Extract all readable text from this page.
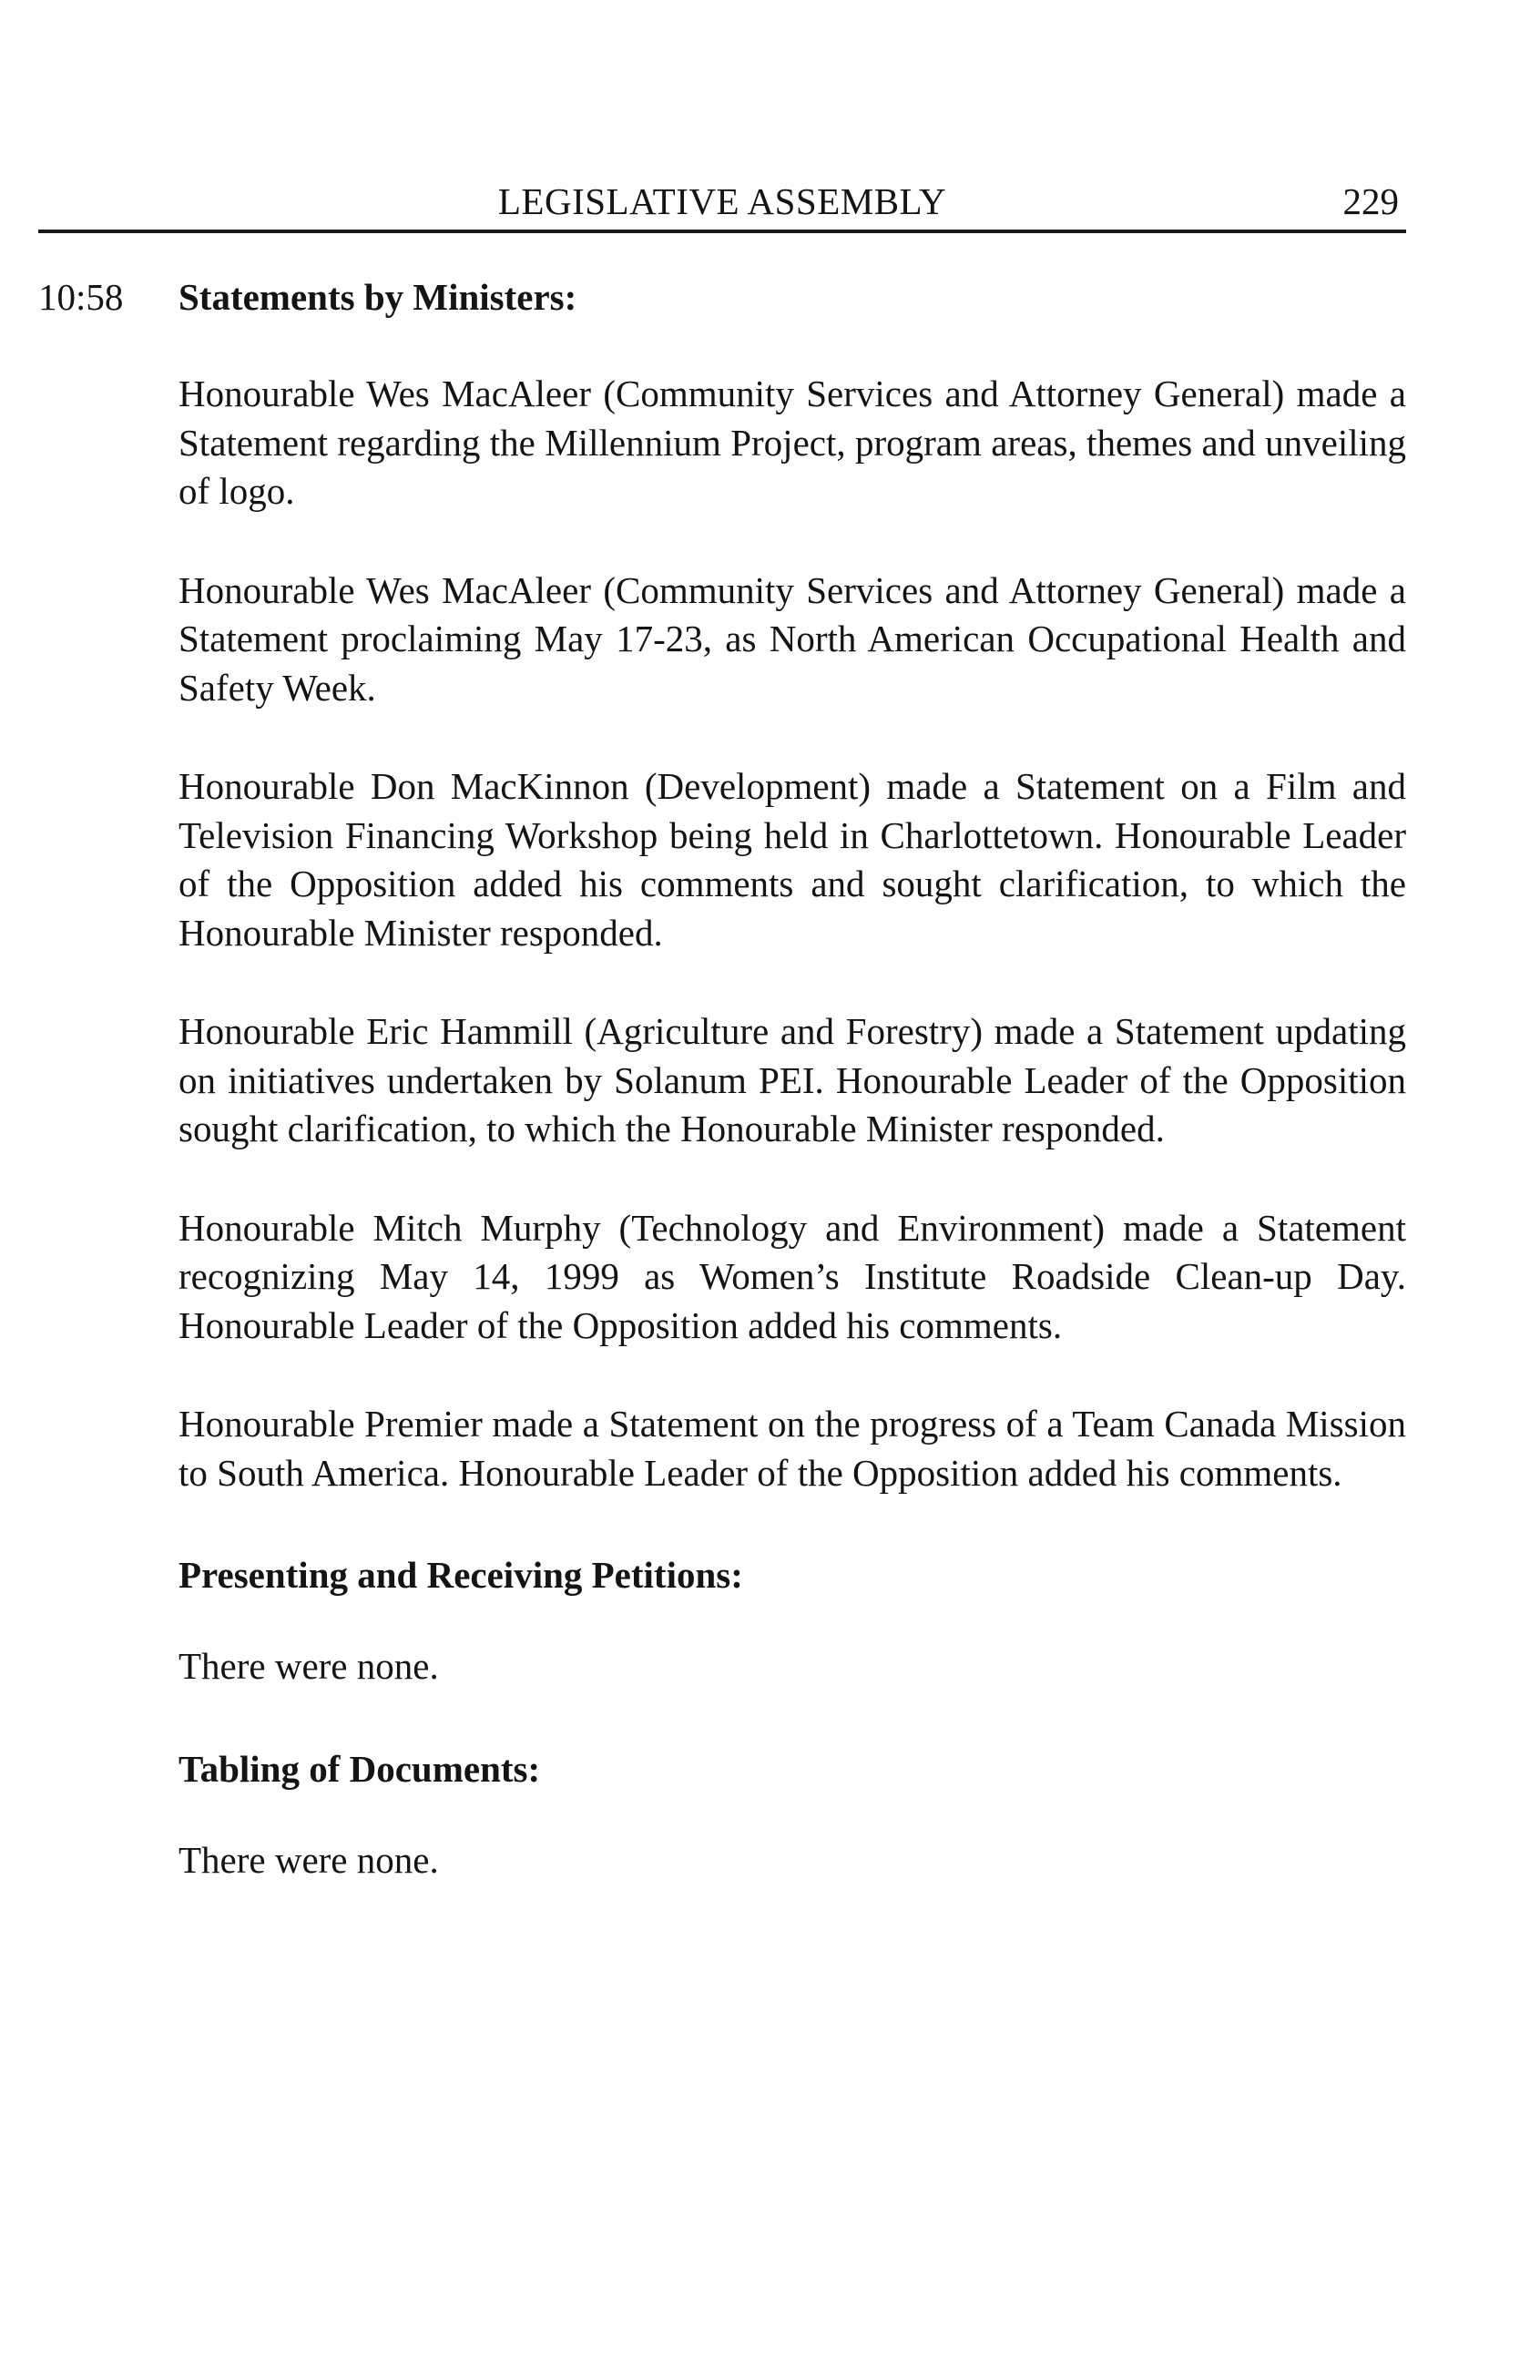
LEGISLATIVE ASSEMBLY	229
10:58 Statements by Ministers:

Honourable Wes MacAleer (Community Services and Attorney General) made a Statement regarding the Millennium Project, program areas, themes and unveiling of logo.

Honourable Wes MacAleer (Community Services and Attorney General) made a Statement proclaiming May 17-23, as North American Occupational Health and Safety Week.

Honourable Don MacKinnon (Development) made a Statement on a Film and Television Financing Workshop being held in Charlottetown. Honourable Leader of the Opposition added his comments and sought clarification, to which the Honourable Minister responded.

Honourable Eric Hammill (Agriculture and Forestry) made a Statement updating on initiatives undertaken by Solanum PEI. Honourable Leader of the Opposition sought clarification, to which the Honourable Minister responded.

Honourable Mitch Murphy (Technology and Environment) made a Statement recognizing May 14, 1999 as Women’s Institute Roadside Clean-up Day. Honourable Leader of the Opposition added his comments.

Honourable Premier made a Statement on the progress of a Team Canada Mission to South America. Honourable Leader of the Opposition added his comments.

Presenting and Receiving Petitions:

There were none.

Tabling of Documents:

There were none.
